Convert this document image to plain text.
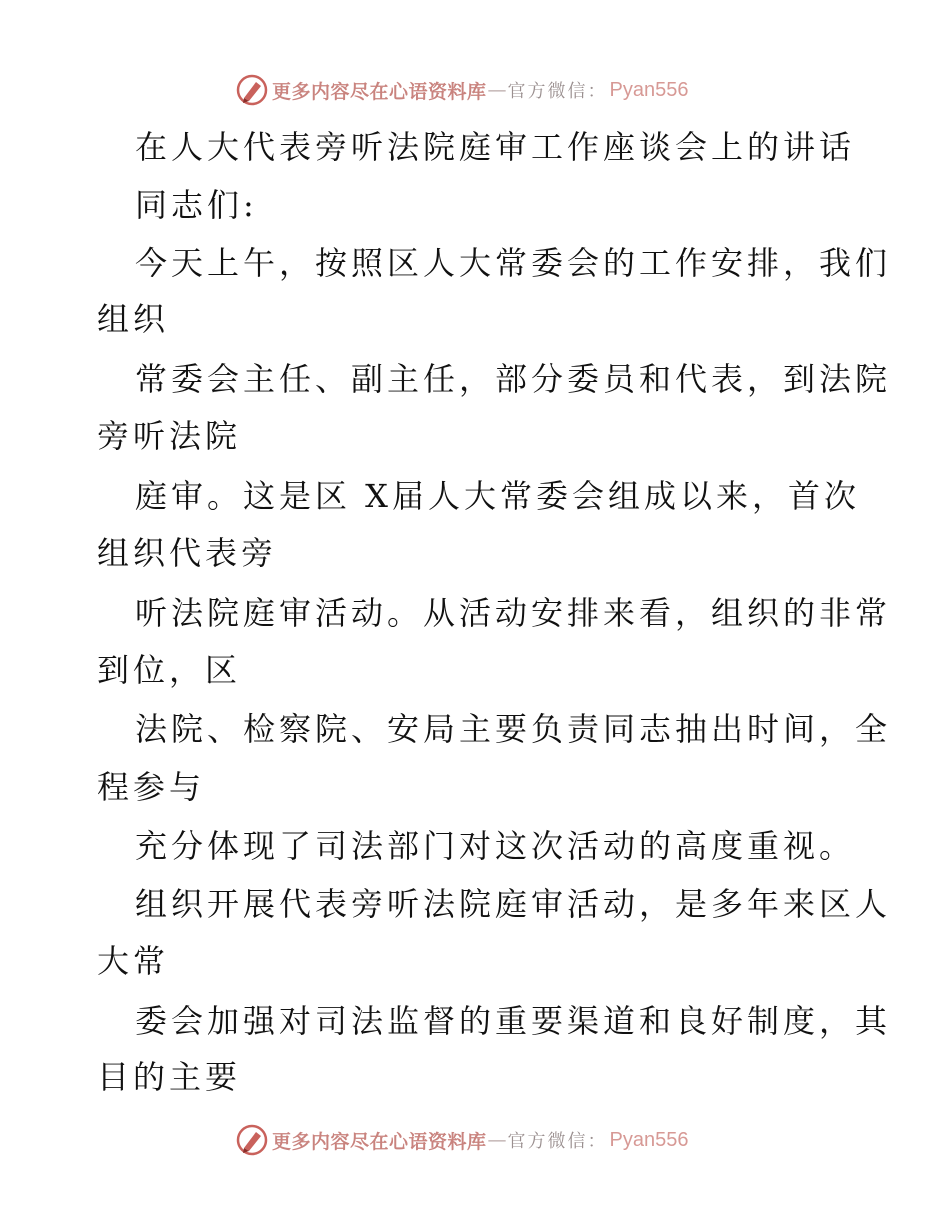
更多内容尽在心语资料库 — 官方微信： Pyan556
在人大代表旁听法院庭审工作座谈会上的讲话
同志们:
今天上午，按照区人大常委会的工作安排，我们
组织
常委会主任、副主任，部分委员和代表，到法院
旁听法院
庭审。这是区 X届人大常委会组成以来，首次
组织代表旁
听法院庭审活动。从活动安排来看，组织的非常
到位，区
法院、检察院、安局主要负责同志抽出时间，全
程参与
充分体现了司法部门对这次活动的高度重视。
组织开展代表旁听法院庭审活动，是多年来区人
大常
委会加强对司法监督的重要渠道和良好制度，其
目的主要
更多内容尽在心语资料库 — 官方微信： Pyan556
